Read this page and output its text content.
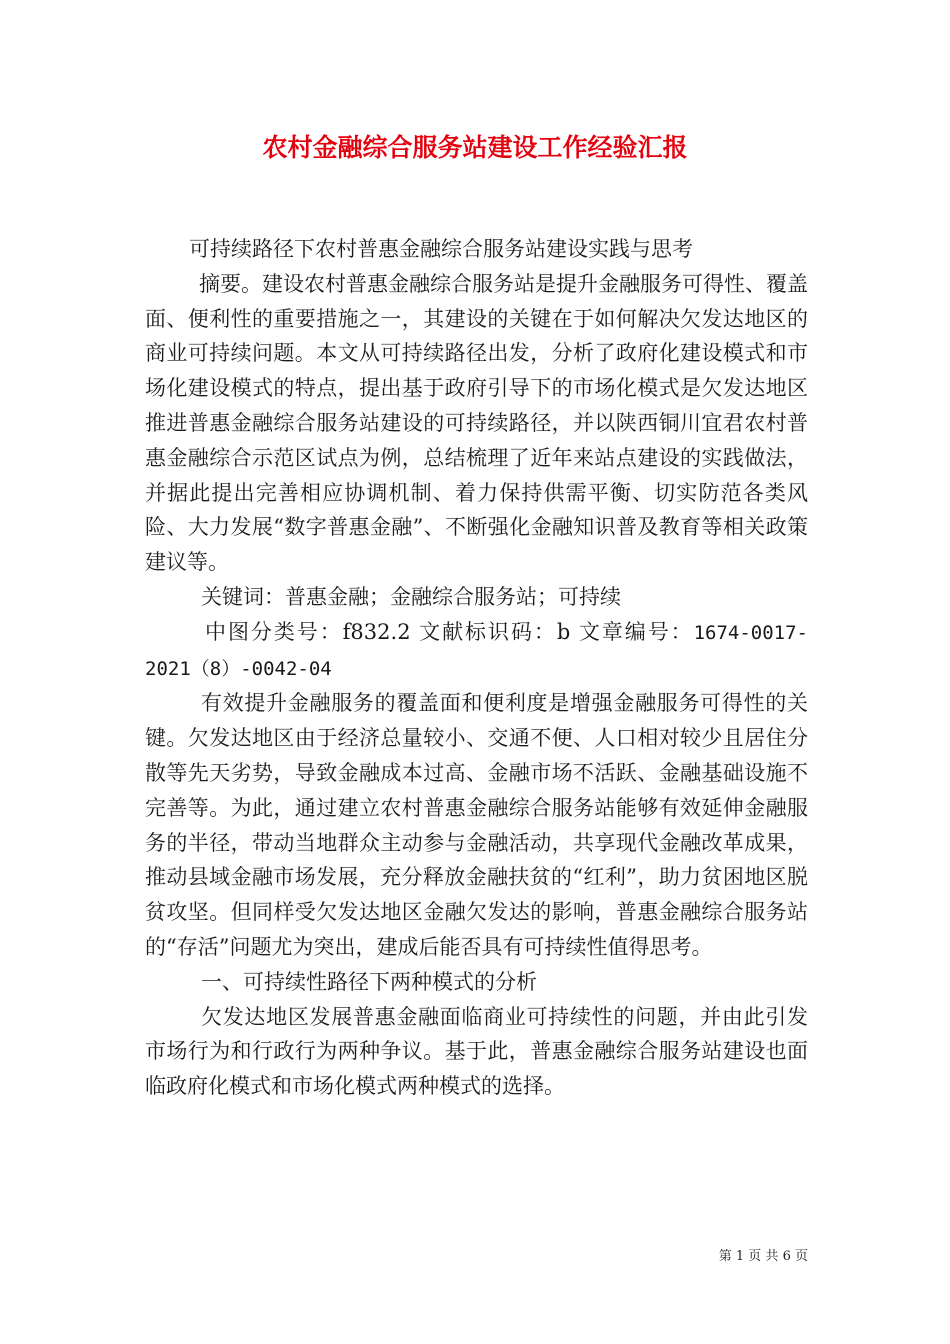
农村金融综合服务站建设工作经验汇报

可持续路径下农村普惠金融综合服务站建设实践与思考

摘要。建设农村普惠金融综合服务站是提升金融服务可得性、覆盖面、便利性的重要措施之一，其建设的关键在于如何解决欠发达地区的商业可持续问题。本文从可持续路径出发，分析了政府化建设模式和市场化建设模式的特点，提出基于政府引导下的市场化模式是欠发达地区推进普惠金融综合服务站建设的可持续路径，并以陕西铜川宜君农村普惠金融综合示范区试点为例，总结梳理了近年来站点建设的实践做法，并据此提出完善相应协调机制、着力保持供需平衡、切实防范各类风险、大力发展“数字普惠金融”、不断强化金融知识普及教育等相关政策建议等。

关键词：普惠金融；金融综合服务站；可持续

中图分类号：f832.2 文献标识码：b 文章编号：1674-0017-2021（8）-0042-04

有效提升金融服务的覆盖面和便利度是增强金融服务可得性的关键。欠发达地区由于经济总量较小、交通不便、人口相对较少且居住分散等先天劣势，导致金融成本过高、金融市场不活跃、金融基础设施不完善等。为此，通过建立农村普惠金融综合服务站能够有效延伸金融服务的半径，带动当地群众主动参与金融活动，共享现代金融改革成果，推动县域金融市场发展，充分释放金融扶贫的“红利”，助力贫困地区脱贫攻坚。但同样受欠发达地区金融欠发达的影响，普惠金融综合服务站的“存活”问题尤为突出，建成后能否具有可持续性值得思考。

一、可持续性路径下两种模式的分析

欠发达地区发展普惠金融面临商业可持续性的问题，并由此引发市场行为和行政行为两种争议。基于此，普惠金融综合服务站建设也面临政府化模式和市场化模式两种模式的选择。

第 1 页 共 6 页
